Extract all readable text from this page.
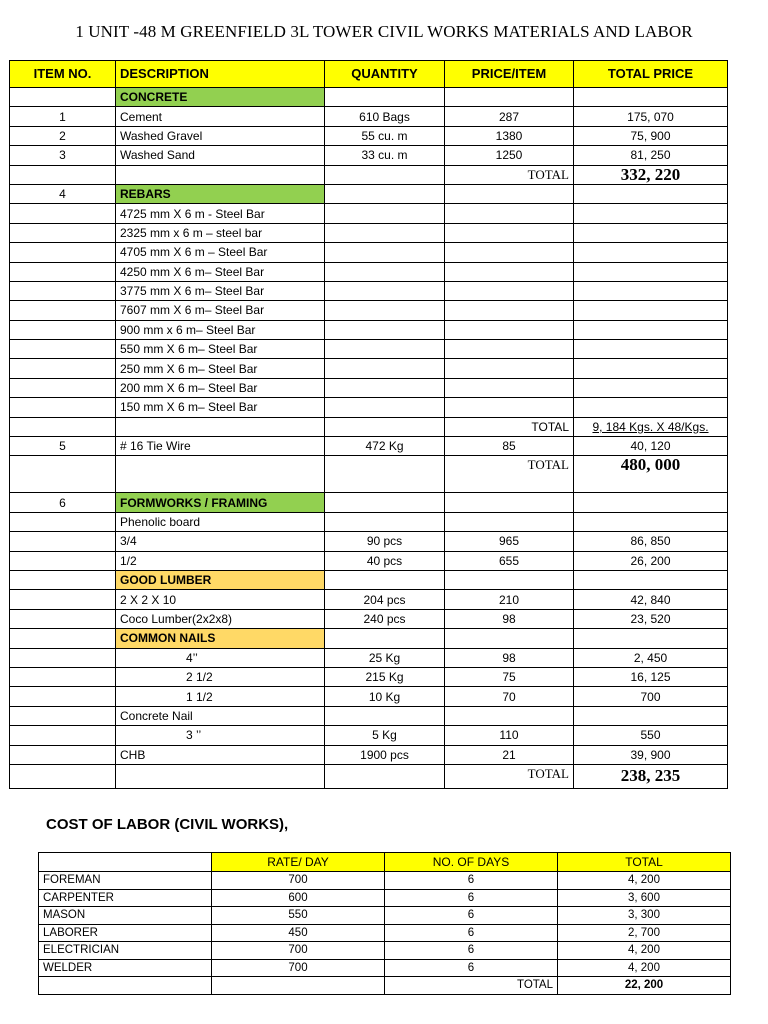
1 UNIT -48 M GREENFIELD 3L TOWER CIVIL WORKS MATERIALS AND LABOR
ITEM NO.	DESCRIPTION	QUANTITY	PRICE/ITEM	TOTAL PRICE
	CONCRETE			
1	Cement	610 Bags	287	175, 070
2	Washed Gravel	55 cu. m	1380	75, 900
3	Washed Sand	33 cu. m	1250	81, 250
			TOTAL	332, 220
4	REBARS			
	4725 mm X 6 m - Steel Bar			
	2325 mm x 6 m – steel bar			
	4705 mm X 6 m – Steel Bar			
	4250 mm X 6 m– Steel Bar			
	3775 mm X 6 m– Steel Bar			
	7607 mm X 6 m– Steel Bar			
	900 mm x 6 m– Steel Bar			
	550 mm X 6 m– Steel Bar			
	250 mm X 6 m– Steel Bar			
	200 mm X 6 m– Steel Bar			
	150 mm X 6 m– Steel Bar			
			TOTAL	9, 184 Kgs. X 48/Kgs.
5	# 16 Tie Wire	472 Kg	85	40, 120
			TOTAL	480, 000
6	FORMWORKS / FRAMING			
	Phenolic board			
	3/4	90 pcs	965	86, 850
	1/2	40 pcs	655	26, 200
	GOOD LUMBER			
	2 X 2 X 10	204 pcs	210	42, 840
	Coco Lumber(2x2x8)	240 pcs	98	23, 520
	COMMON NAILS			
	4’’	25 Kg	98	2, 450
	2 1/2	215 Kg	75	16, 125
	1 1/2	10 Kg	70	700
	Concrete Nail			
	3 ’’	5 Kg	110	550
	CHB	1900 pcs	21	39, 900
			TOTAL	238, 235
COST OF LABOR (CIVIL WORKS),
	RATE/ DAY	NO. OF DAYS	TOTAL
FOREMAN	700	6	4, 200
CARPENTER	600	6	3, 600
MASON	550	6	3, 300
LABORER	450	6	2, 700
ELECTRICIAN	700	6	4, 200
WELDER	700	6	4, 200
		TOTAL	22, 200
